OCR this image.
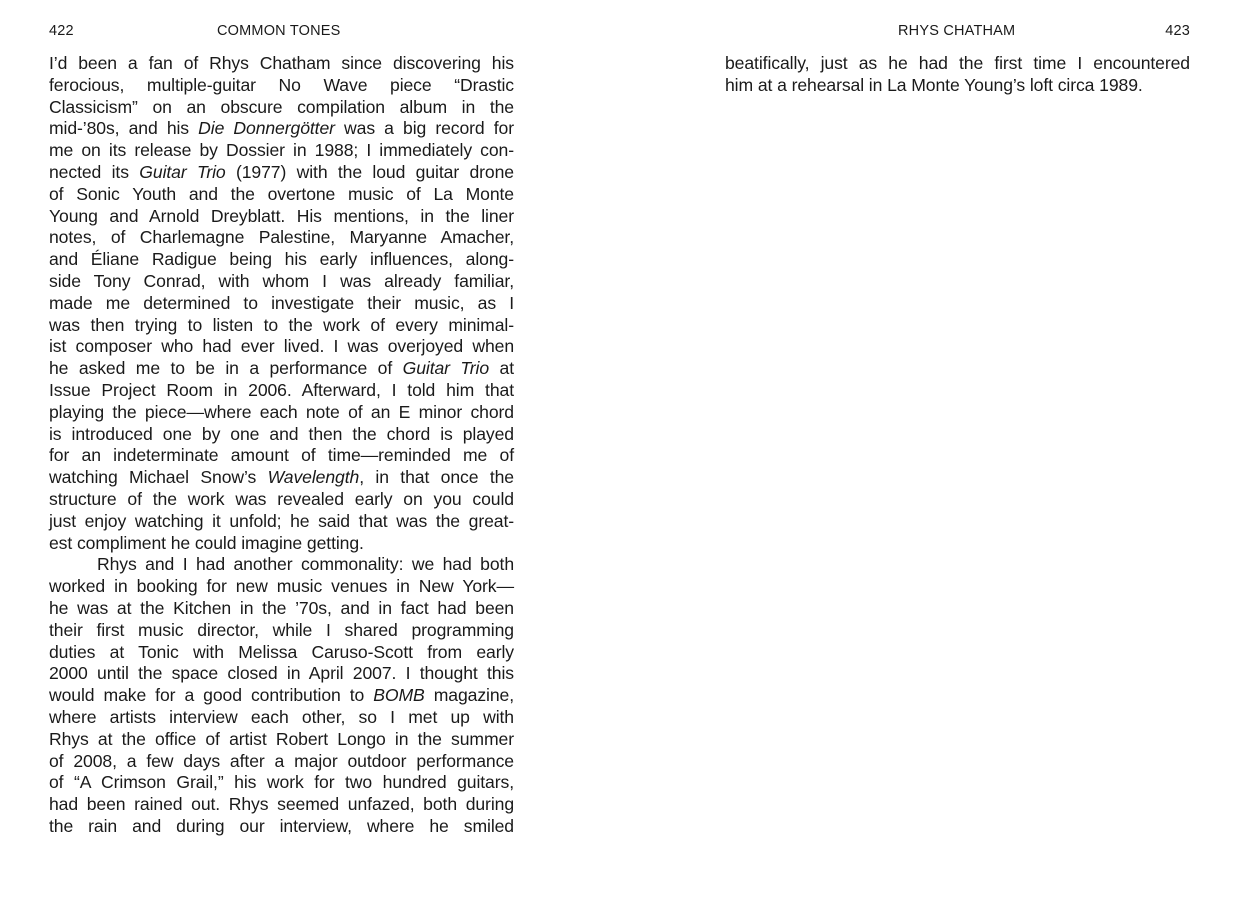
422	COMMON TONES
I’d been a fan of Rhys Chatham since discovering his
ferocious, multiple-guitar No Wave piece “Drastic
Classicism” on an obscure compilation album in the
mid-’80s, and his Die Donnergötter was a big record for
me on its release by Dossier in 1988; I immediately con-
nected its Guitar Trio (1977) with the loud guitar drone
of Sonic Youth and the overtone music of La Monte
Young and Arnold Dreyblatt. His mentions, in the liner
notes, of Charlemagne Palestine, Maryanne Amacher,
and Éliane Radigue being his early influences, along-
side Tony Conrad, with whom I was already familiar,
made me determined to investigate their music, as I
was then trying to listen to the work of every minimal-
ist composer who had ever lived. I was overjoyed when
he asked me to be in a performance of Guitar Trio at
Issue Project Room in 2006. Afterward, I told him that
playing the piece—where each note of an E minor chord
is introduced one by one and then the chord is played
for an indeterminate amount of time—reminded me of
watching Michael Snow’s Wavelength, in that once the
structure of the work was revealed early on you could
just enjoy watching it unfold; he said that was the great-
est compliment he could imagine getting.
Rhys and I had another commonality: we had both
worked in booking for new music venues in New York—
he was at the Kitchen in the ’70s, and in fact had been
their first music director, while I shared programming
duties at Tonic with Melissa Caruso-Scott from early
2000 until the space closed in April 2007. I thought this
would make for a good contribution to BOMB magazine,
where artists interview each other, so I met up with
Rhys at the office of artist Robert Longo in the summer
of 2008, a few days after a major outdoor performance
of “A Crimson Grail,” his work for two hundred guitars,
had been rained out. Rhys seemed unfazed, both during
the rain and during our interview, where he smiled
RHYS CHATHAM	423
beatifically, just as he had the first time I encountered
him at a rehearsal in La Monte Young’s loft circa 1989.
